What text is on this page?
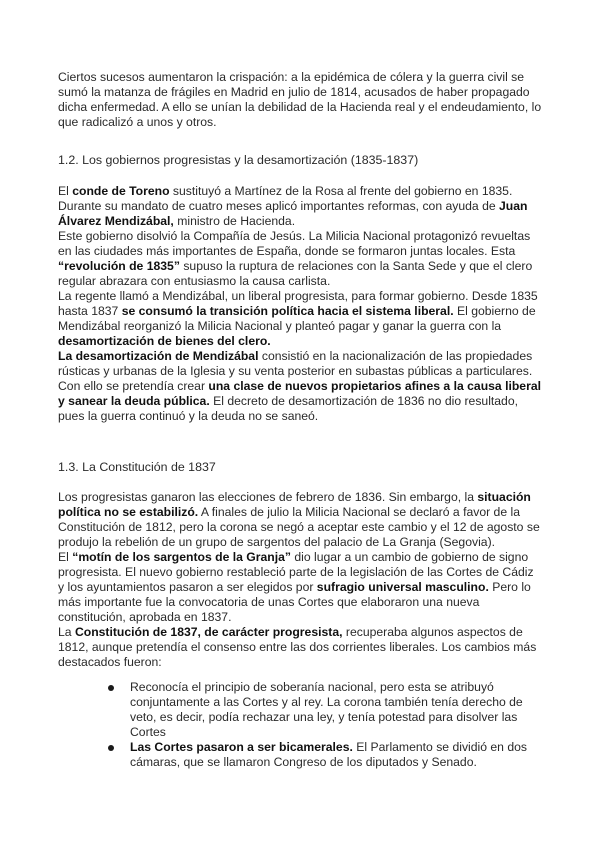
Ciertos sucesos aumentaron la crispación: a la epidémica de cólera y la guerra civil se sumó la matanza de frágiles en Madrid en julio de 1814, acusados de haber propagado dicha enfermedad. A ello se unían la debilidad de la Hacienda real y el endeudamiento, lo que radicalizó a unos y otros.

1.2. Los gobiernos progresistas y la desamortización (1835-1837)

El conde de Toreno sustituyó a Martínez de la Rosa al frente del gobierno en 1835. Durante su mandato de cuatro meses aplicó importantes reformas, con ayuda de Juan Álvarez Mendizábal, ministro de Hacienda.

Este gobierno disolvió la Compañía de Jesús. La Milicia Nacional protagonizó revueltas en las ciudades más importantes de España, donde se formaron juntas locales. Esta “revolución de 1835” supuso la ruptura de relaciones con la Santa Sede y que el clero regular abrazara con entusiasmo la causa carlista.

La regente llamó a Mendizábal, un liberal progresista, para formar gobierno. Desde 1835 hasta 1837 se consumó la transición política hacia el sistema liberal. El gobierno de Mendizábal reorganizó la Milicia Nacional y planteó pagar y ganar la guerra con la desamortización de bienes del clero.

La desamortización de Mendizábal consistió en la nacionalización de las propiedades rústicas y urbanas de la Iglesia y su venta posterior en subastas públicas a particulares. Con ello se pretendía crear una clase de nuevos propietarios afines a la causa liberal y sanear la deuda pública. El decreto de desamortización de 1836 no dio resultado, pues la guerra continuó y la deuda no se saneó.

1.3. La Constitución de 1837

Los progresistas ganaron las elecciones de febrero de 1836. Sin embargo, la situación política no se estabilizó. A finales de julio la Milicia Nacional se declaró a favor de la Constitución de 1812, pero la corona se negó a aceptar este cambio y el 12 de agosto se produjo la rebelión de un grupo de sargentos del palacio de La Granja (Segovia).

El “motín de los sargentos de la Granja” dio lugar a un cambio de gobierno de signo progresista. El nuevo gobierno restableció parte de la legislación de las Cortes de Cádiz y los ayuntamientos pasaron a ser elegidos por sufragio universal masculino. Pero lo más importante fue la convocatoria de unas Cortes que elaboraron una nueva constitución, aprobada en 1837.

La Constitución de 1837, de carácter progresista, recuperaba algunos aspectos de 1812, aunque pretendía el consenso entre las dos corrientes liberales. Los cambios más destacados fueron:

Reconocía el principio de soberanía nacional, pero esta se atribuyó conjuntamente a las Cortes y al rey. La corona también tenía derecho de veto, es decir, podía rechazar una ley, y tenía potestad para disolver las Cortes
Las Cortes pasaron a ser bicamerales. El Parlamento se dividió en dos cámaras, que se llamaron Congreso de los diputados y Senado.
